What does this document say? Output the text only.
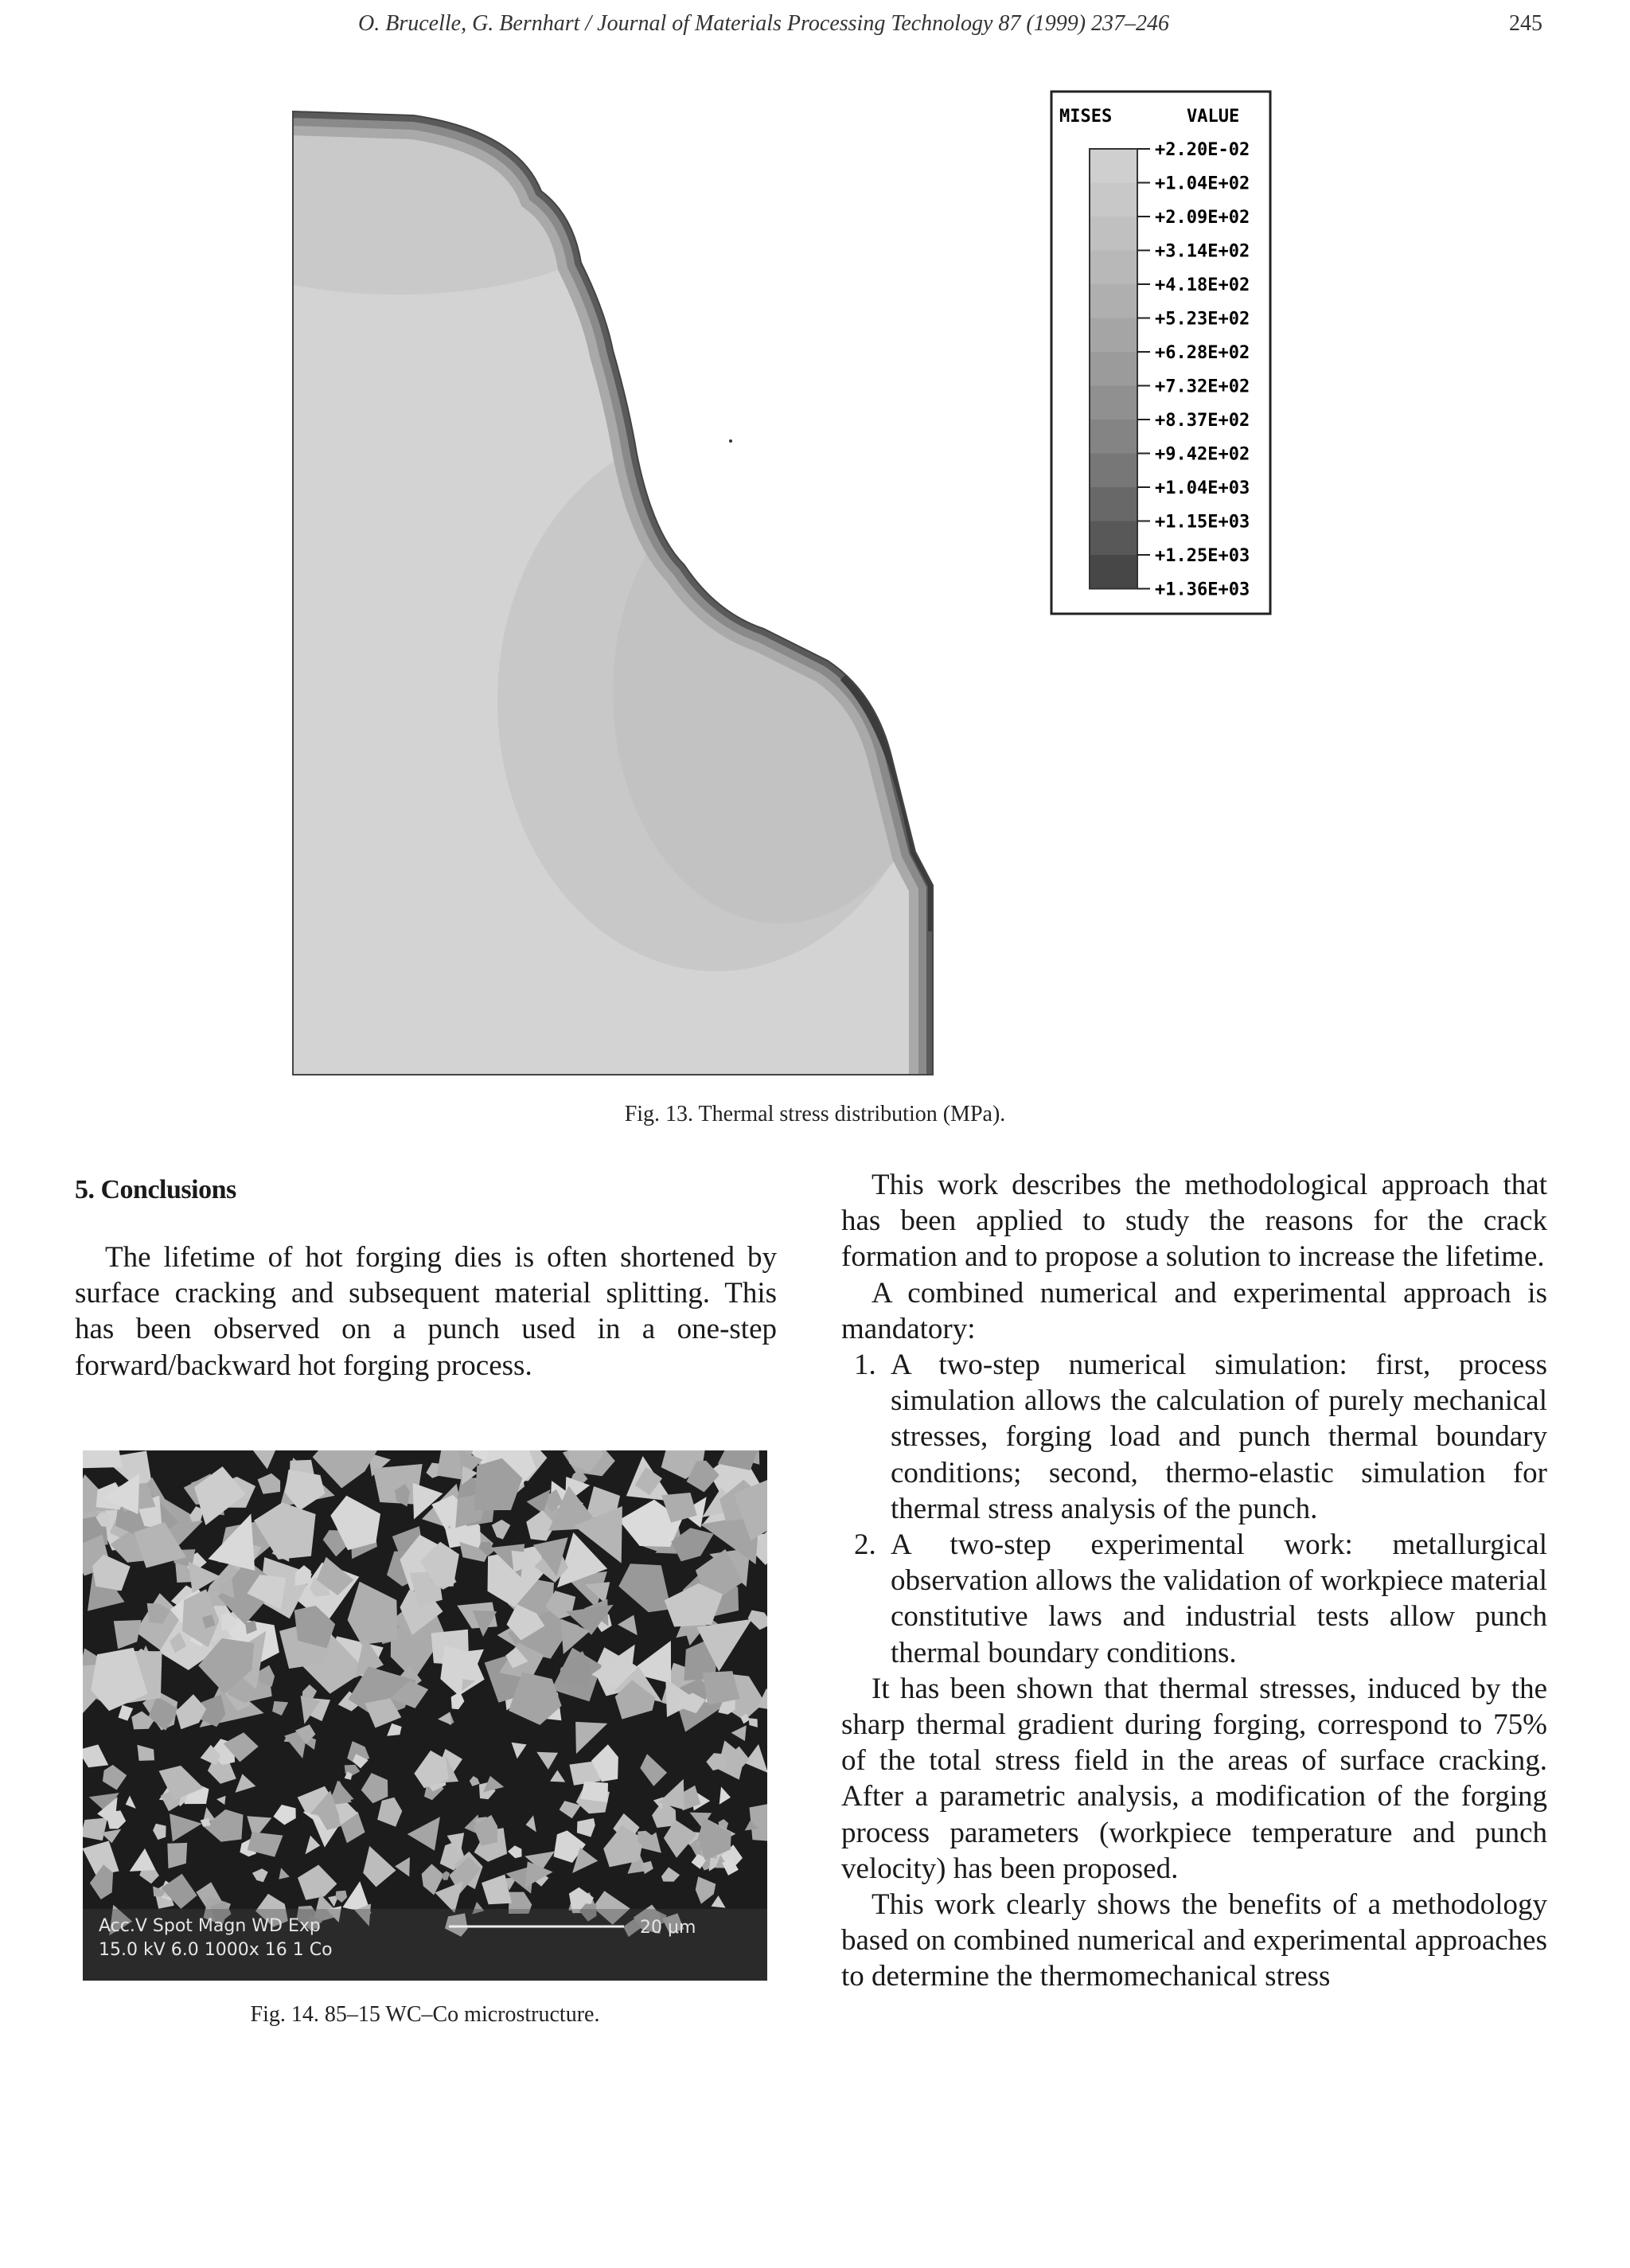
O. Brucelle, G. Bernhart / Journal of Materials Processing Technology 87 (1999) 237–246	245
MISES	VALUE
+2.20E-02
+1.04E+02
+2.09E+02
+3.14E+02
+4.18E+02
+5.23E+02
+6.28E+02
+7.32E+02
+8.37E+02
+9.42E+02
+1.04E+03
+1.15E+03
+1.25E+03
+1.36E+03
Fig. 13. Thermal stress distribution (MPa).
5. Conclusions

The lifetime of hot forging dies is often shortened by surface cracking and subsequent material splitting. This has been observed on a punch used in a one-step forward/backward hot forging process.

Acc.V Spot Magn WD Exp
15.0 kV 6.0 1000x 16 1 Co
20 μm
Fig. 14. 85–15 WC–Co microstructure.

This work describes the methodological approach that has been applied to study the reasons for the crack formation and to propose a solution to increase the lifetime.

A combined numerical and experimental approach is mandatory:

1. A two-step numerical simulation: first, process simulation allows the calculation of purely mechanical stresses, forging load and punch thermal boundary conditions; second, thermo-elastic simulation for thermal stress analysis of the punch.
2. A two-step experimental work: metallurgical observation allows the validation of workpiece material constitutive laws and industrial tests allow punch thermal boundary conditions.

It has been shown that thermal stresses, induced by the sharp thermal gradient during forging, correspond to 75% of the total stress field in the areas of surface cracking. After a parametric analysis, a modification of the forging process parameters (workpiece temperature and punch velocity) has been proposed.

This work clearly shows the benefits of a methodology based on combined numerical and experimental approaches to determine the thermomechanical stress
